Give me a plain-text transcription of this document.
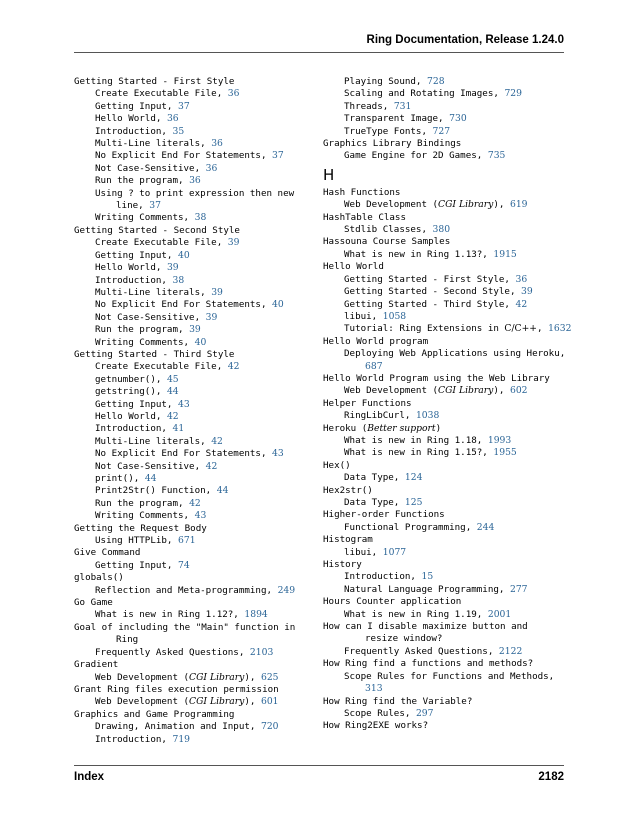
Ring Documentation, Release 1.24.0
Getting Started - First Style
Create Executable File, 36
Getting Input, 37
Hello World, 36
Introduction, 35
Multi-Line literals, 36
No Explicit End For Statements, 37
Not Case-Sensitive, 36
Run the program, 36
Using ? to print expression then new
line, 37
Writing Comments, 38
Getting Started - Second Style
Create Executable File, 39
Getting Input, 40
Hello World, 39
Introduction, 38
Multi-Line literals, 39
No Explicit End For Statements, 40
Not Case-Sensitive, 39
Run the program, 39
Writing Comments, 40
Getting Started - Third Style
Create Executable File, 42
getnumber(), 45
getstring(), 44
Getting Input, 43
Hello World, 42
Introduction, 41
Multi-Line literals, 42
No Explicit End For Statements, 43
Not Case-Sensitive, 42
print(), 44
Print2Str() Function, 44
Run the program, 42
Writing Comments, 43
Getting the Request Body
Using HTTPLib, 671
Give Command
Getting Input, 74
globals()
Reflection and Meta-programming, 249
Go Game
What is new in Ring 1.12?, 1894
Goal of including the "Main" function in
Ring
Frequently Asked Questions, 2103
Gradient
Web Development (CGI Library), 625
Grant Ring files execution permission
Web Development (CGI Library), 601
Graphics and Game Programming
Drawing, Animation and Input, 720
Introduction, 719
Playing Sound, 728
Scaling and Rotating Images, 729
Threads, 731
Transparent Image, 730
TrueType Fonts, 727
Graphics Library Bindings
Game Engine for 2D Games, 735
H
Hash Functions
Web Development (CGI Library), 619
HashTable Class
Stdlib Classes, 380
Hassouna Course Samples
What is new in Ring 1.13?, 1915
Hello World
Getting Started - First Style, 36
Getting Started - Second Style, 39
Getting Started - Third Style, 42
libui, 1058
Tutorial: Ring Extensions in C/C++, 1632
Hello World program
Deploying Web Applications using Heroku,
687
Hello World Program using the Web Library
Web Development (CGI Library), 602
Helper Functions
RingLibCurl, 1038
Heroku (Better support)
What is new in Ring 1.18, 1993
What is new in Ring 1.15?, 1955
Hex()
Data Type, 124
Hex2str()
Data Type, 125
Higher-order Functions
Functional Programming, 244
Histogram
libui, 1077
History
Introduction, 15
Natural Language Programming, 277
Hours Counter application
What is new in Ring 1.19, 2001
How can I disable maximize button and
resize window?
Frequently Asked Questions, 2122
How Ring find a functions and methods?
Scope Rules for Functions and Methods,
313
How Ring find the Variable?
Scope Rules, 297
How Ring2EXE works?
Index	2182
